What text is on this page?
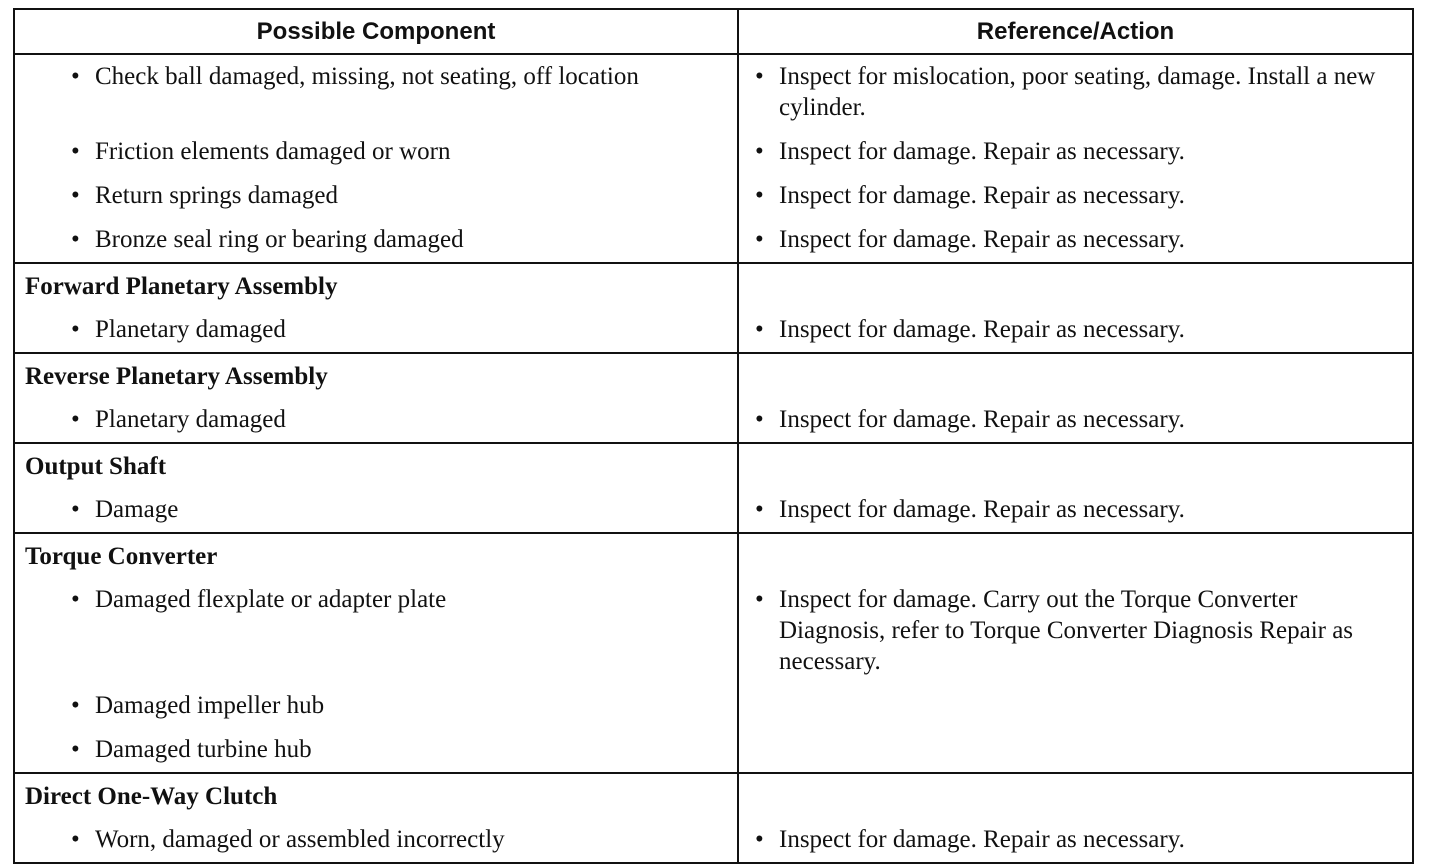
Possible Component	Reference/Action

• Check ball damaged, missing, not seating, off location	• Inspect for mislocation, poor seating, damage. Install a new cylinder.

• Friction elements damaged or worn	• Inspect for damage. Repair as necessary.

• Return springs damaged	• Inspect for damage. Repair as necessary.

• Bronze seal ring or bearing damaged	• Inspect for damage. Repair as necessary.

Forward Planetary Assembly	

• Planetary damaged	• Inspect for damage. Repair as necessary.

Reverse Planetary Assembly	

• Planetary damaged	• Inspect for damage. Repair as necessary.

Output Shaft	

• Damage	• Inspect for damage. Repair as necessary.

Torque Converter	

• Damaged flexplate or adapter plate	• Inspect for damage. Carry out the Torque Converter Diagnosis, refer to Torque Converter Diagnosis Repair as necessary.

• Damaged impeller hub

• Damaged turbine hub

Direct One-Way Clutch	

• Worn, damaged or assembled incorrectly	• Inspect for damage. Repair as necessary.
